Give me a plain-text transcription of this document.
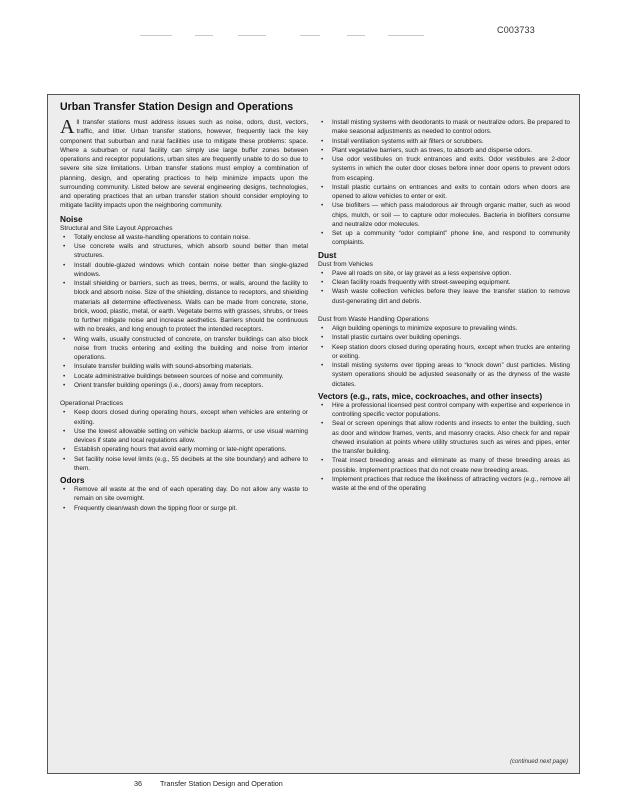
C003733
Urban Transfer Station Design and Operations

All transfer stations must address issues such as noise, odors, dust, vectors, traffic, and litter. Urban transfer stations, however, frequently lack the key component that suburban and rural facilities use to mitigate these problems: space. Where a suburban or rural facility can simply use large buffer zones between operations and receptor populations, urban sites are frequently unable to do so due to severe site size limitations. Urban transfer stations must employ a combination of planning, design, and operating practices to help minimize impacts upon the surrounding community. Listed below are several engineering designs, technologies, and operating practices that an urban transfer station should consider employing to mitigate facility impacts upon the neighboring community.

Noise
Structural and Site Layout Approaches
• Totally enclose all waste-handling operations to contain noise.
• Use concrete walls and structures, which absorb sound better than metal structures.
• Install double-glazed windows which contain noise better than single-glazed windows.
• Install shielding or barriers, such as trees, berms, or walls, around the facility to block and absorb noise. Size of the shielding, distance to receptors, and shielding materials all determine effectiveness. Walls can be made from concrete, stone, brick, wood, plastic, metal, or earth. Vegetate berms with grasses, shrubs, or trees to further mitigate noise and increase aesthetics. Barriers should be continuous with no breaks, and long enough to protect the intended receptors.
• Wing walls, usually constructed of concrete, on transfer buildings can also block noise from trucks entering and exiting the building and noise from interior operations.
• Insulate transfer building walls with sound-absorbing materials.
• Locate administrative buildings between sources of noise and community.
• Orient transfer building openings (i.e., doors) away from receptors.
Operational Practices
• Keep doors closed during operating hours, except when vehicles are entering or exiting.
• Use the lowest allowable setting on vehicle backup alarms, or use visual warning devices if state and local regulations allow.
• Establish operating hours that avoid early morning or late-night operations.
• Set facility noise level limits (e.g., 55 decibels at the site boundary) and adhere to them.
Odors
• Remove all waste at the end of each operating day. Do not allow any waste to remain on site overnight.
• Frequently clean/wash down the tipping floor or surge pit.
• Install misting systems with deodorants to mask or neutralize odors. Be prepared to make seasonal adjustments as needed to control odors.
• Install ventilation systems with air filters or scrubbers.
• Plant vegetative barriers, such as trees, to absorb and disperse odors.
• Use odor vestibules on truck entrances and exits. Odor vestibules are 2-door systems in which the outer door closes before inner door opens to prevent odors from escaping.
• Install plastic curtains on entrances and exits to contain odors when doors are opened to allow vehicles to enter or exit.
• Use biofilters — which pass malodorous air through organic matter, such as wood chips, mulch, or soil — to capture odor molecules. Bacteria in biofilters consume and neutralize odor molecules.
• Set up a community “odor complaint” phone line, and respond to community complaints.
Dust
Dust from Vehicles
• Pave all roads on site, or lay gravel as a less expensive option.
• Clean facility roads frequently with street-sweeping equipment.
• Wash waste collection vehicles before they leave the transfer station to remove dust-generating dirt and debris.
Dust from Waste Handling Operations
• Align building openings to minimize exposure to prevailing winds.
• Install plastic curtains over building openings.
• Keep station doors closed during operating hours, except when trucks are entering or exiting.
• Install misting systems over tipping areas to “knock down” dust particles. Misting system operations should be adjusted seasonally or as the dryness of the waste dictates.
Vectors (e.g., rats, mice, cockroaches, and other insects)
• Hire a professional licensed pest control company with expertise and experience in controlling specific vector populations.
• Seal or screen openings that allow rodents and insects to enter the building, such as door and window frames, vents, and masonry cracks. Also check for and repair chewed insulation at points where utility structures such as wires and pipes, enter the transfer building.
• Treat insect breeding areas and eliminate as many of these breeding areas as possible. Implement practices that do not create new breeding areas.
• Implement practices that reduce the likeliness of attracting vectors (e.g., remove all waste at the end of the operating
(continued next page)
36	Transfer Station Design and Operation
